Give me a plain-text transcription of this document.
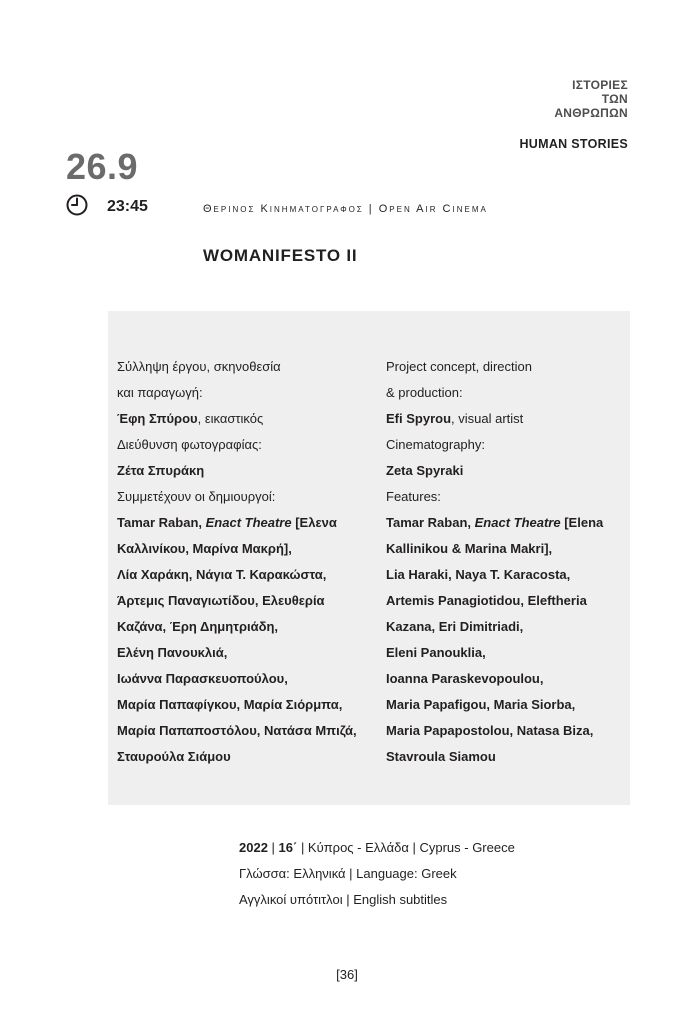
ΙΣΤΟΡΙΕΣ
ΤΩΝ
ΑΝΘΡΩΠΩΝ
HUMAN STORIES
26.9
23:45	Θερινος Κινηματογραφος | Open Air Cinema
WOMANIFESTO II

Σύλληψη έργου, σκηνοθεσία

και παραγωγή:

Έφη Σπύρου, εικαστικός

Διεύθυνση φωτογραφίας:

Ζέτα Σπυράκη

Συμμετέχουν οι δημιουργοί:

Tamar Raban, Enact Theatre [Ελενα

Καλλινίκου, Μαρίνα Μακρή],

Λία Χαράκη, Νάγια Τ. Καρακώστα,

Άρτεμις Παναγιωτίδου, Ελευθερία

Καζάνα, Έρη Δημητριάδη,

Ελένη Πανουκλιά,

Ιωάννα Παρασκευοπούλου,

Μαρία Παπαφίγκου, Μαρία Σιόρμπα,

Μαρία Παπαποστόλου, Νατάσα Μπιζά,

Σταυρούλα Σιάμου

Project concept, direction

& production:

Efi Spyrou, visual artist

Cinematography:

Zeta Spyraki

Features:

Tamar Raban, Enact Theatre [Elena

Kallinikou & Marina Makri],

Lia Haraki, Naya T. Karacosta,

Artemis Panagiotidou, Eleftheria

Kazana, Eri Dimitriadi,

Eleni Panouklia,

Ioanna Paraskevopoulou,

Maria Papafigou, Maria Siorba,

Maria Papapostolou, Natasa Biza,

Stavroula Siamou

2022 | 16΄ | Κύπρος - Ελλάδα | Cyprus - Greece

Γλώσσα: Ελληνικά | Language: Greek

Αγγλικοί υπότιτλοι | English subtitles

[36]
